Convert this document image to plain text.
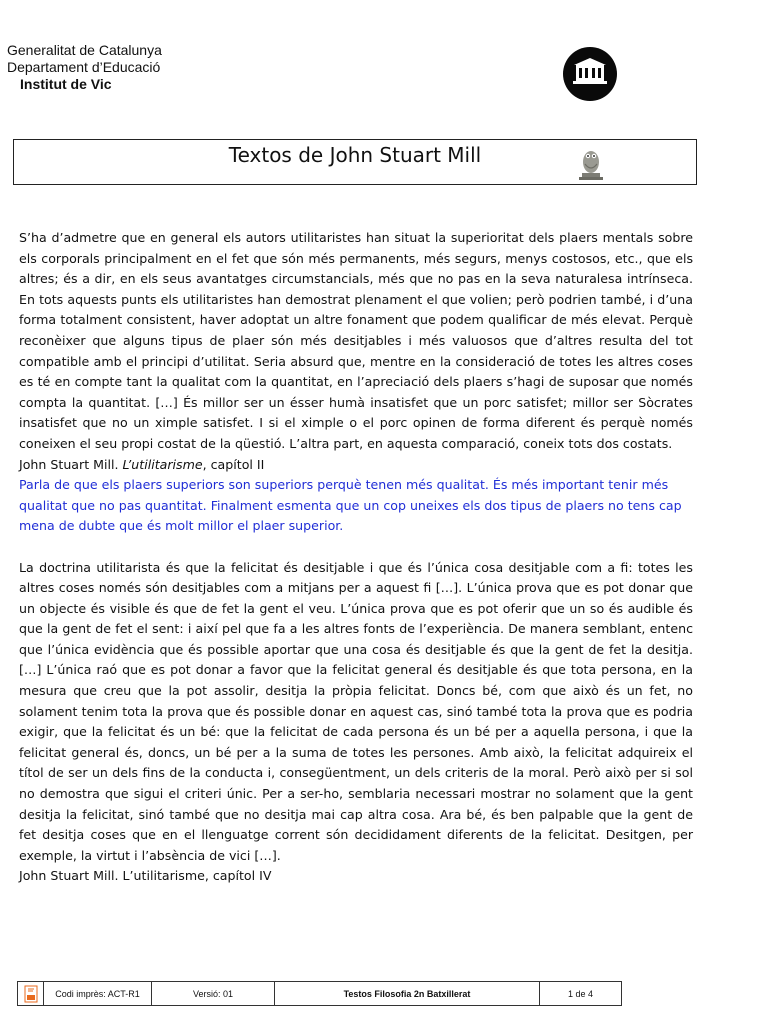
Generalitat de Catalunya
Departament d’Educació
Institut de Vic
Textos de John Stuart Mill

S’ha d’admetre que en general els autors utilitaristes han situat la superioritat dels plaers mentals sobre els corporals principalment en el fet que són més permanents, més segurs, menys costosos, etc., que els altres; és a dir, en els seus avantatges circumstancials, més que no pas en la seva naturalesa intrínseca. En tots aquests punts els utilitaristes han demostrat plenament el que volien; però podrien també, i d’una forma totalment consistent, haver adoptat un altre fonament que podem qualificar de més elevat. Perquè reconèixer que alguns tipus de plaer són més desitjables i més valuosos que d’altres resulta del tot compatible amb el principi d’utilitat. Seria absurd que, mentre en la consideració de totes les altres coses es té en compte tant la qualitat com la quantitat, en l’apreciació dels plaers s’hagi de suposar que només compta la quantitat. […] És millor ser un ésser humà insatisfet que un porc satisfet; millor ser Sòcrates insatisfet que no un ximple satisfet. I si el ximple o el porc opinen de forma diferent és perquè només coneixen el seu propi costat de la qüestió. L’altra part, en aquesta comparació, coneix tots dos costats.

John Stuart Mill. L’utilitarisme, capítol II

Parla de que els plaers superiors son superiors perquè tenen més qualitat. És més important tenir més qualitat que no pas quantitat. Finalment esmenta que un cop uneixes els dos tipus de plaers no tens cap mena de dubte que és molt millor el plaer superior.

La doctrina utilitarista és que la felicitat és desitjable i que és l’única cosa desitjable com a fi: totes les altres coses només són desitjables com a mitjans per a aquest fi […]. L’única prova que es pot donar que un objecte és visible és que de fet la gent el veu. L’única prova que es pot oferir que un so és audible és que la gent de fet el sent: i així pel que fa a les altres fonts de l’experiència. De manera semblant, entenc que l’única evidència que és possible aportar que una cosa és desitjable és que la gent de fet la desitja. […] L’única raó que es pot donar a favor que la felicitat general és desitjable és que tota persona, en la mesura que creu que la pot assolir, desitja la pròpia felicitat. Doncs bé, com que això és un fet, no solament tenim tota la prova que és possible donar en aquest cas, sinó també tota la prova que es podria exigir, que la felicitat és un bé: que la felicitat de cada persona és un bé per a aquella persona, i que la felicitat general és, doncs, un bé per a la suma de totes les persones. Amb això, la felicitat adquireix el títol de ser un dels fins de la conducta i, consegüentment, un dels criteris de la moral. Però això per si sol no demostra que sigui el criteri únic. Per a ser-ho, semblaria necessari mostrar no solament que la gent desitja la felicitat, sinó també que no desitja mai cap altra cosa. Ara bé, és ben palpable que la gent de fet desitja coses que en el llenguatge corrent són decididament diferents de la felicitat. Desitgen, per exemple, la virtut i l’absència de vici […].

John Stuart Mill. L’utilitarisme, capítol IV

Codi imprès: ACT-R1	Versió: 01	Testos Filosofia 2n Batxillerat	1 de 4
